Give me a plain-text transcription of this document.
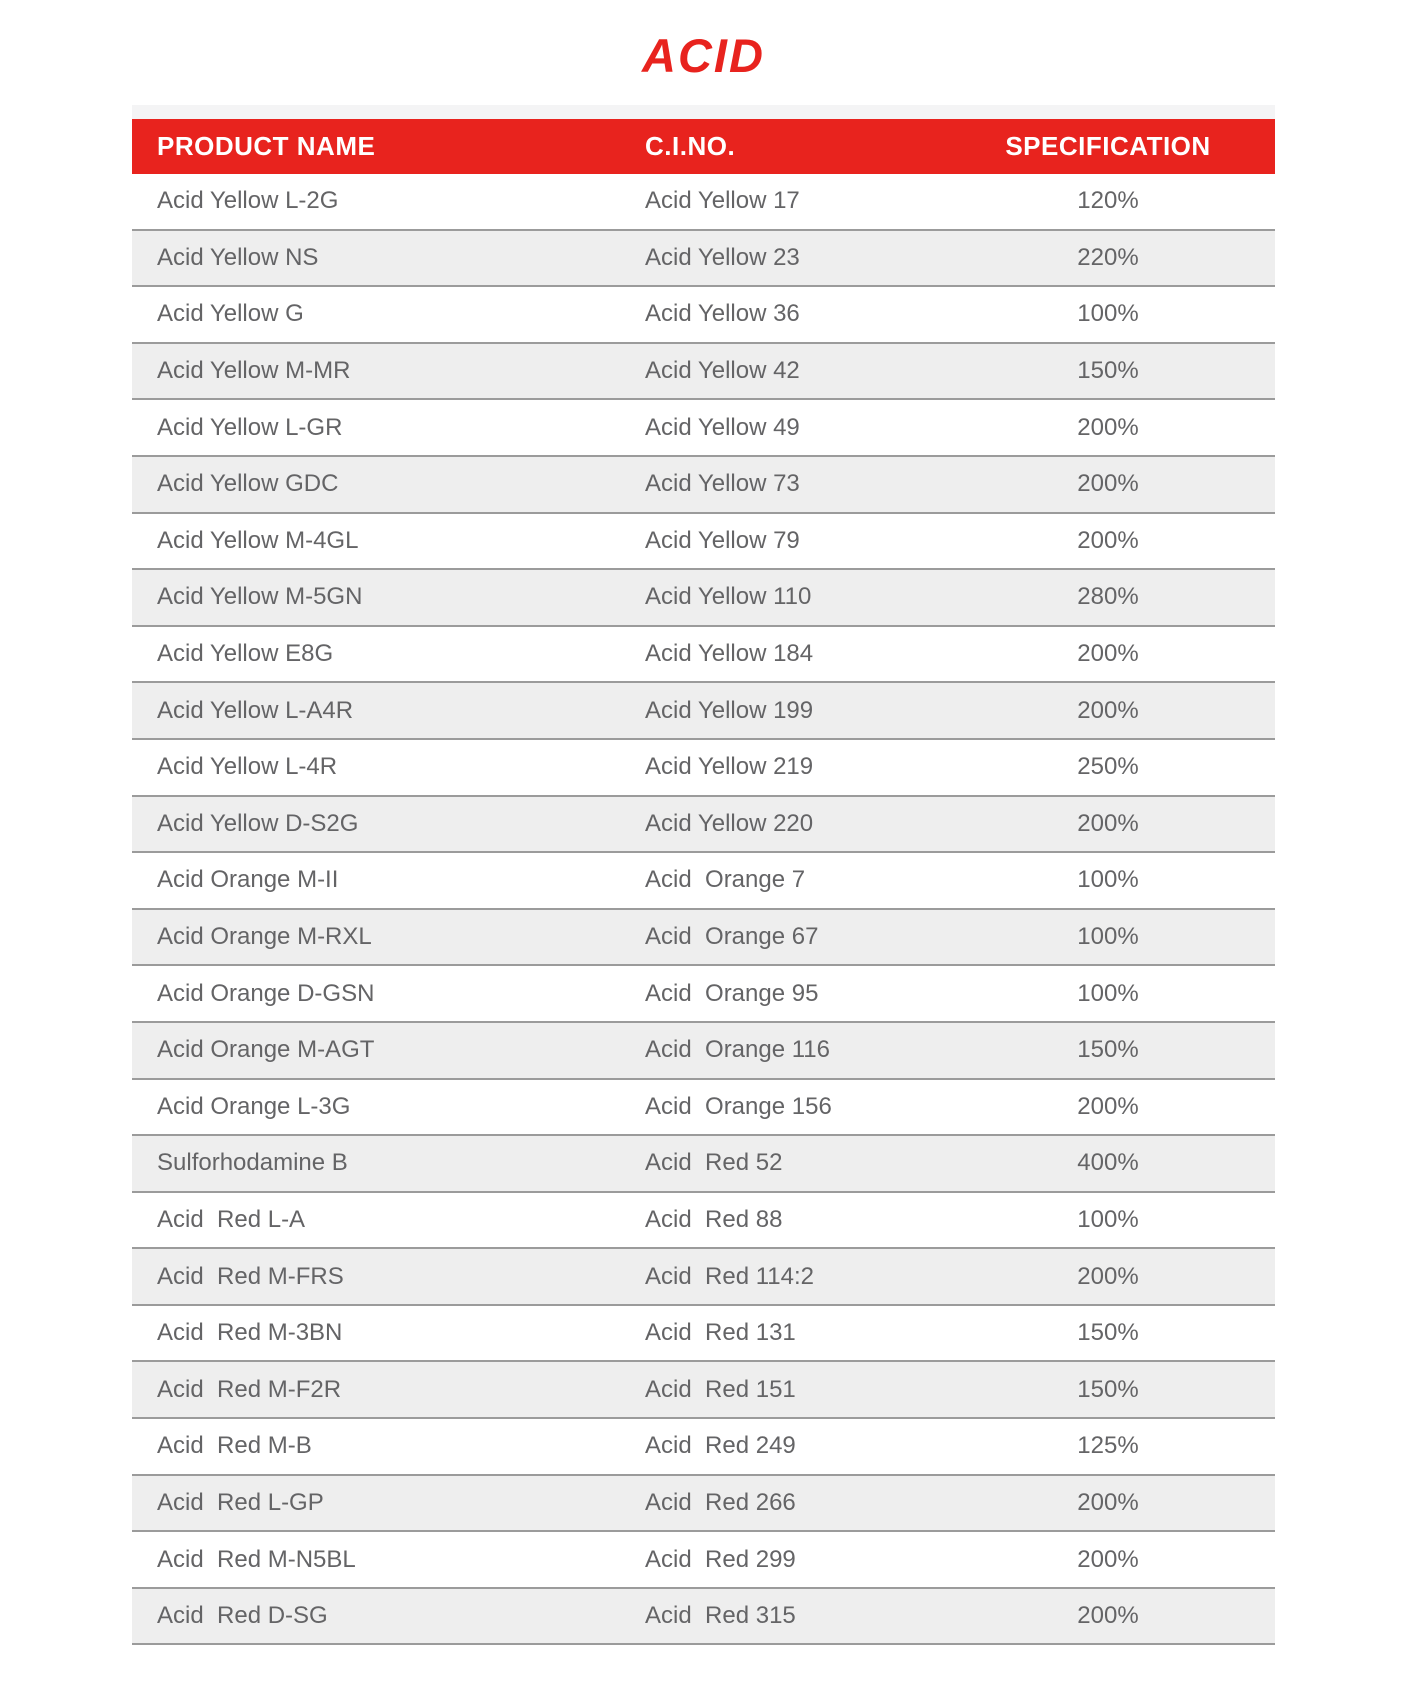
ACID
PRODUCT NAME	C.I.NO.	SPECIFICATION
Acid Yellow L-2G	Acid Yellow 17	120%
Acid Yellow NS	Acid Yellow 23	220%
Acid Yellow G	Acid Yellow 36	100%
Acid Yellow M-MR	Acid Yellow 42	150%
Acid Yellow L-GR	Acid Yellow 49	200%
Acid Yellow GDC	Acid Yellow 73	200%
Acid Yellow M-4GL	Acid Yellow 79	200%
Acid Yellow M-5GN	Acid Yellow 110	280%
Acid Yellow E8G	Acid Yellow 184	200%
Acid Yellow L-A4R	Acid Yellow 199	200%
Acid Yellow L-4R	Acid Yellow 219	250%
Acid Yellow D-S2G	Acid Yellow 220	200%
Acid Orange M-II	Acid  Orange 7	100%
Acid Orange M-RXL	Acid  Orange 67	100%
Acid Orange D-GSN	Acid  Orange 95	100%
Acid Orange M-AGT	Acid  Orange 116	150%
Acid Orange L-3G	Acid  Orange 156	200%
Sulforhodamine B	Acid  Red 52	400%
Acid  Red L-A	Acid  Red 88	100%
Acid  Red M-FRS	Acid  Red 114:2	200%
Acid  Red M-3BN	Acid  Red 131	150%
Acid  Red M-F2R	Acid  Red 151	150%
Acid  Red M-B	Acid  Red 249	125%
Acid  Red L-GP	Acid  Red 266	200%
Acid  Red M-N5BL	Acid  Red 299	200%
Acid  Red D-SG	Acid  Red 315	200%
